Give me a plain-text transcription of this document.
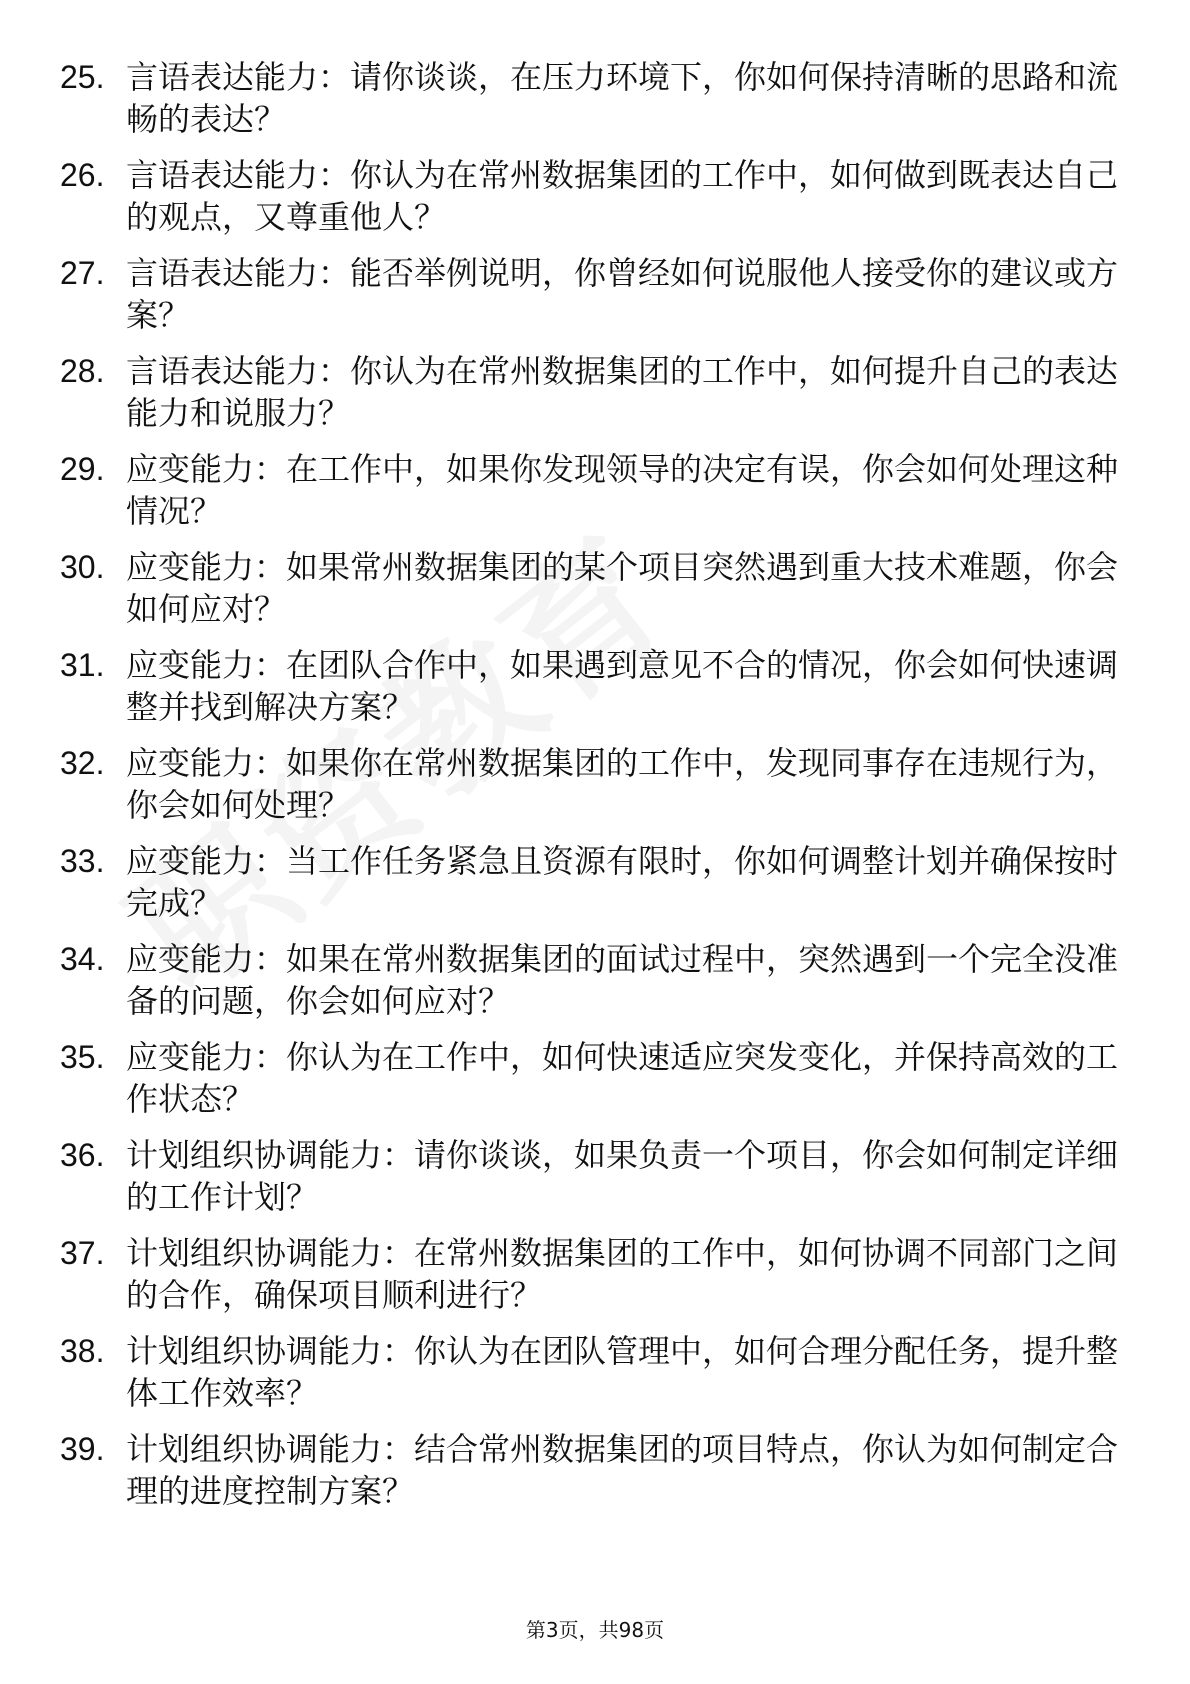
25. 言语表达能力：请你谈谈，在压力环境下，你如何保持清晰的思路和流畅的表达？
26. 言语表达能力：你认为在常州数据集团的工作中，如何做到既表达自己的观点，又尊重他人？
27. 言语表达能力：能否举例说明，你曾经如何说服他人接受你的建议或方案？
28. 言语表达能力：你认为在常州数据集团的工作中，如何提升自己的表达能力和说服力？
29. 应变能力：在工作中，如果你发现领导的决定有误，你会如何处理这种情况？
30. 应变能力：如果常州数据集团的某个项目突然遇到重大技术难题，你会如何应对？
31. 应变能力：在团队合作中，如果遇到意见不合的情况，你会如何快速调整并找到解决方案？
32. 应变能力：如果你在常州数据集团的工作中，发现同事存在违规行为，你会如何处理？
33. 应变能力：当工作任务紧急且资源有限时，你如何调整计划并确保按时完成？
34. 应变能力：如果在常州数据集团的面试过程中，突然遇到一个完全没准备的问题，你会如何应对？
35. 应变能力：你认为在工作中，如何快速适应突发变化，并保持高效的工作状态？
36. 计划组织协调能力：请你谈谈，如果负责一个项目，你会如何制定详细的工作计划？
37. 计划组织协调能力：在常州数据集团的工作中，如何协调不同部门之间的合作，确保项目顺利进行？
38. 计划组织协调能力：你认为在团队管理中，如何合理分配任务，提升整体工作效率？
39. 计划组织协调能力：结合常州数据集团的项目特点，你认为如何制定合理的进度控制方案？
第3页，共98页
